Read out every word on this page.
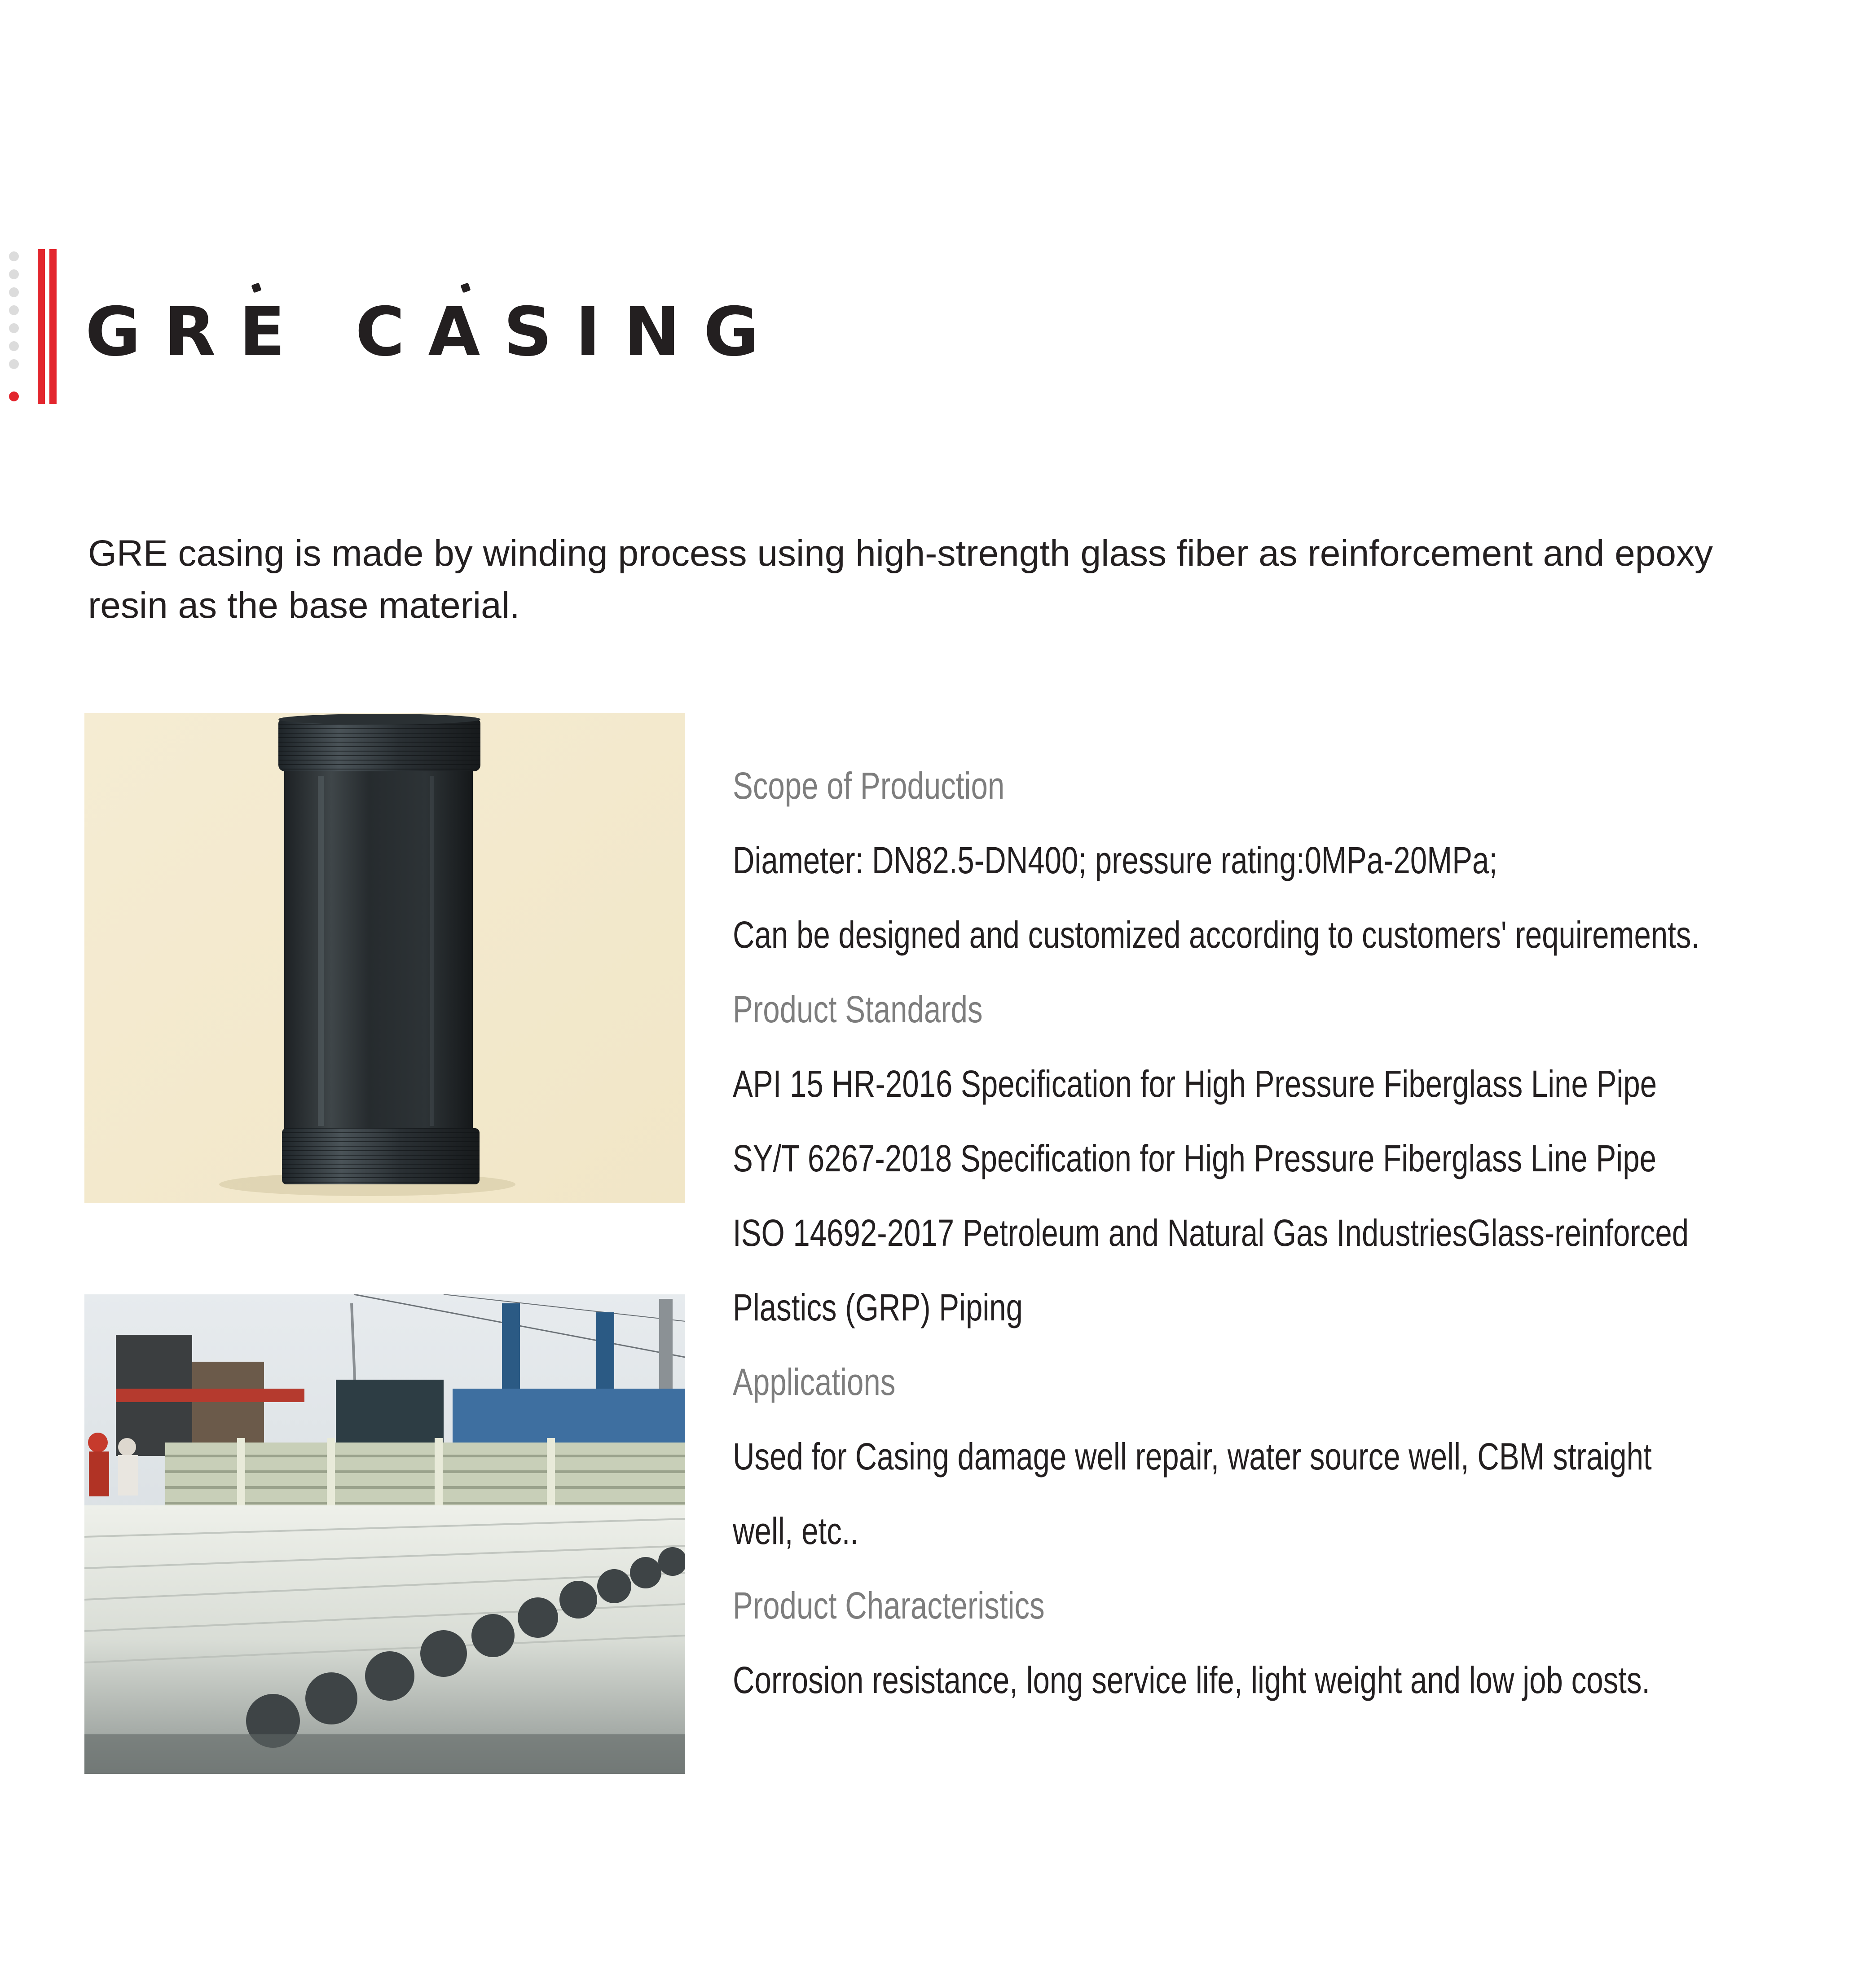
GRE CASING
GRE casing is made by winding process using high-strength glass fiber as reinforcement and epoxy resin as the base material.
Scope of Production
Diameter: DN82.5-DN400; pressure rating:0MPa-20MPa;
Can be designed and customized according to customers' requirements.
Product Standards
API 15 HR-2016 Specification for High Pressure Fiberglass Line Pipe
SY/T 6267-2018 Specification for High Pressure Fiberglass Line Pipe
ISO 14692-2017 Petroleum and Natural Gas IndustriesGlass-reinforced
Plastics (GRP) Piping
Applications
Used for Casing damage well repair, water source well, CBM straight
well, etc..
Product Characteristics
Corrosion resistance, long service life, light weight and low job costs.
